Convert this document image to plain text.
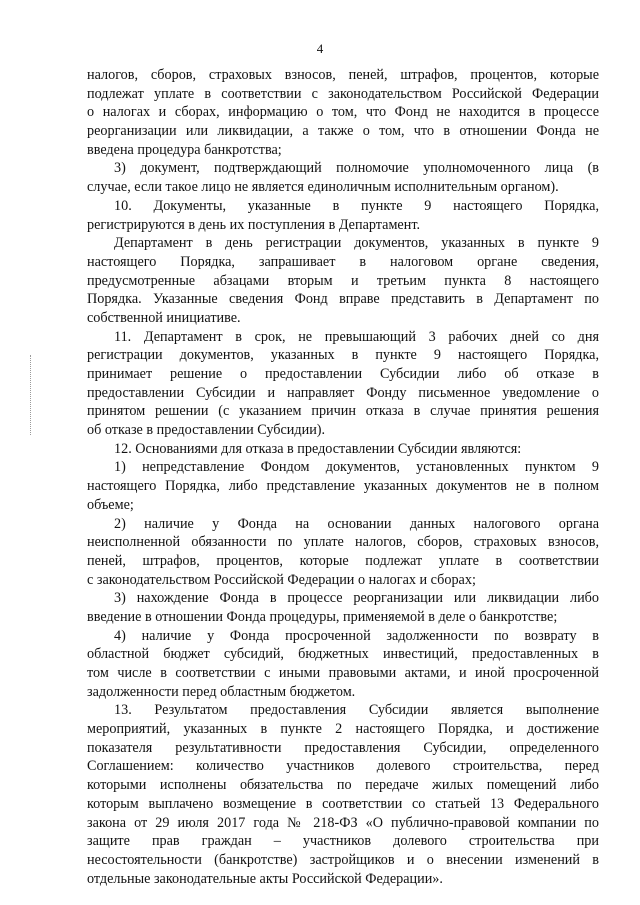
4
налогов, сборов, страховых взносов, пеней, штрафов, процентов, которые
подлежат уплате в соответствии с законодательством Российской Федерации
о налогах и сборах, информацию о том, что Фонд не находится в процессе
реорганизации или ликвидации, а также о том, что в отношении Фонда не
введена процедура банкротства;
3) документ, подтверждающий полномочие уполномоченного лица (в
случае, если такое лицо не является единоличным исполнительным органом).
10. Документы, указанные в пункте 9 настоящего Порядка,
регистрируются в день их поступления в Департамент.
Департамент в день регистрации документов, указанных в пункте 9
настоящего Порядка, запрашивает в налоговом органе сведения,
предусмотренные абзацами вторым и третьим пункта 8 настоящего
Порядка. Указанные сведения Фонд вправе представить в Департамент по
собственной инициативе.
11. Департамент в срок, не превышающий 3 рабочих дней со дня
регистрации документов, указанных в пункте 9 настоящего Порядка,
принимает решение о предоставлении Субсидии либо об отказе в
предоставлении Субсидии и направляет Фонду письменное уведомление о
принятом решении (с указанием причин отказа в случае принятия решения
об отказе в предоставлении Субсидии).
12. Основаниями для отказа в предоставлении Субсидии являются:
1) непредставление Фондом документов, установленных пунктом 9
настоящего Порядка, либо представление указанных документов не в полном
объеме;
2) наличие у Фонда на основании данных налогового органа
неисполненной обязанности по уплате налогов, сборов, страховых взносов,
пеней, штрафов, процентов, которые подлежат уплате в соответствии
с законодательством Российской Федерации о налогах и сборах;
3) нахождение Фонда в процессе реорганизации или ликвидации либо
введение в отношении Фонда процедуры, применяемой в деле о банкротстве;
4) наличие у Фонда просроченной задолженности по возврату в
областной бюджет субсидий, бюджетных инвестиций, предоставленных в
том числе в соответствии с иными правовыми актами, и иной просроченной
задолженности перед областным бюджетом.
13. Результатом предоставления Субсидии является выполнение
мероприятий, указанных в пункте 2 настоящего Порядка, и достижение
показателя результативности предоставления Субсидии, определенного
Соглашением: количество участников долевого строительства, перед
которыми исполнены обязательства по передаче жилых помещений либо
которым выплачено возмещение в соответствии со статьей 13 Федерального
закона от 29 июля 2017 года № 218-ФЗ «О публично-правовой компании по
защите прав граждан – участников долевого строительства при
несостоятельности (банкротстве) застройщиков и о внесении изменений в
отдельные законодательные акты Российской Федерации».
